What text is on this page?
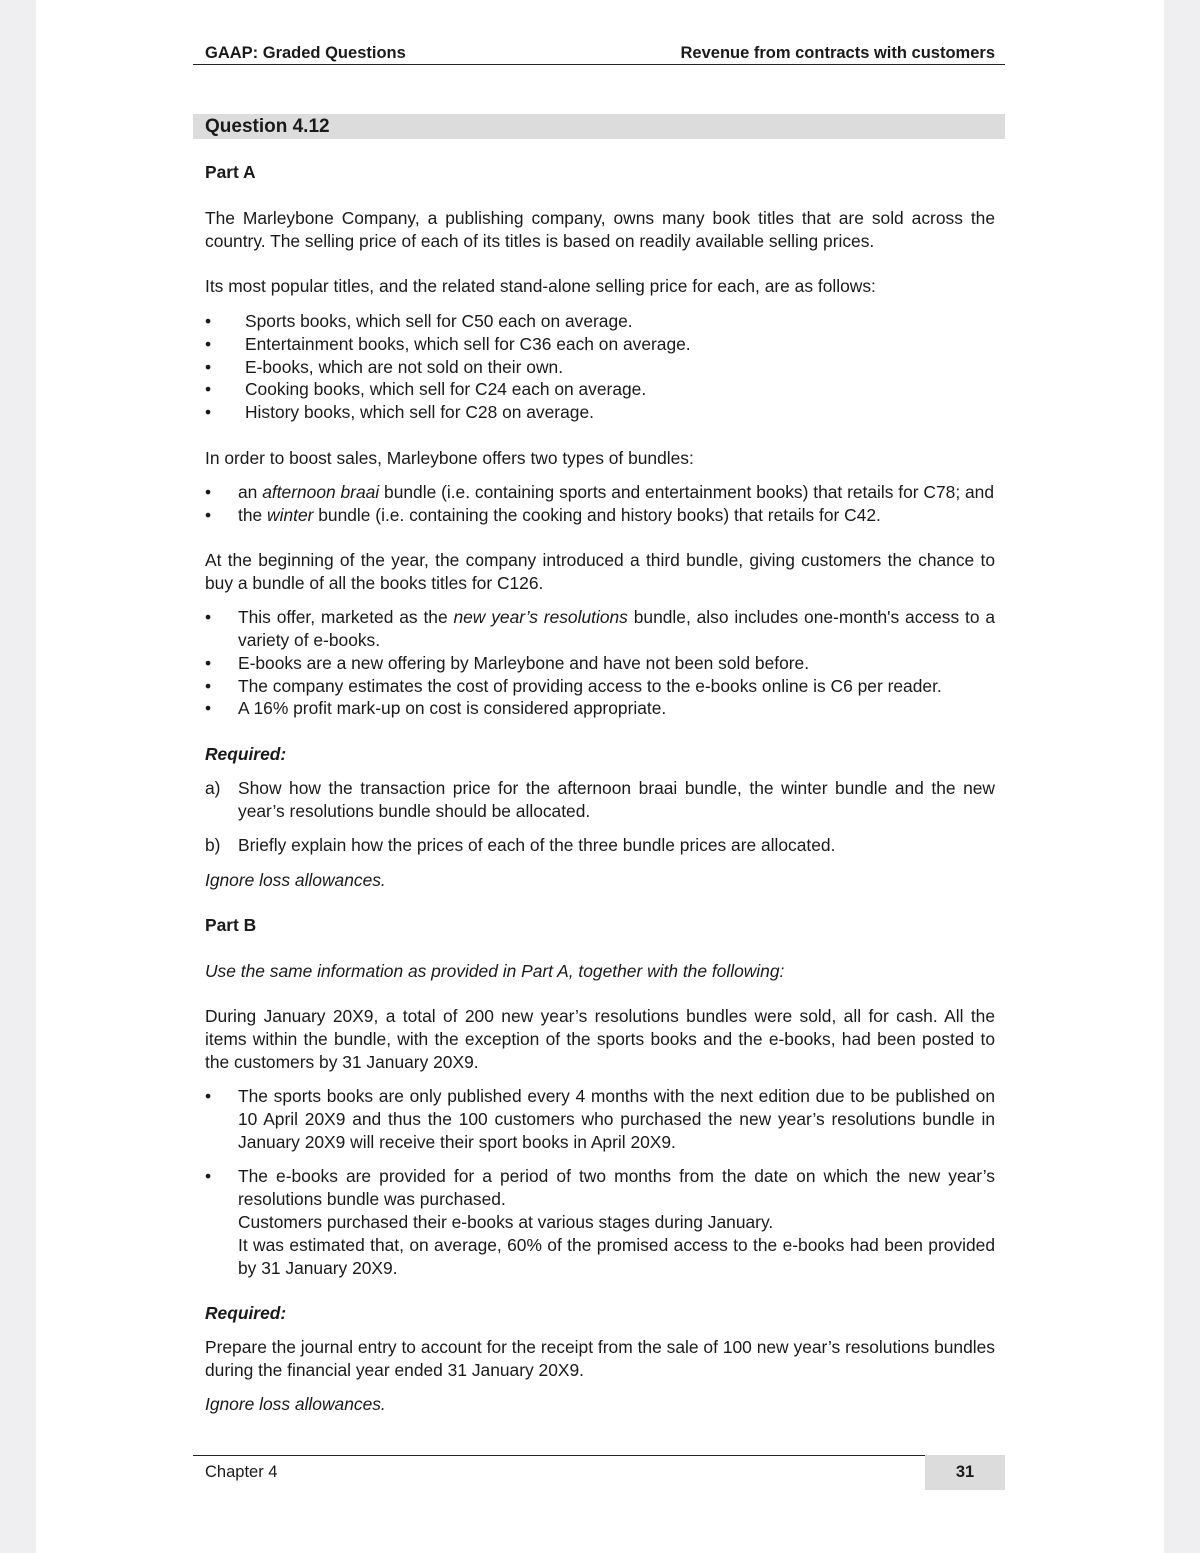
GAAP: Graded Questions	Revenue from contracts with customers
Question 4.12
Part A
The Marleybone Company, a publishing company, owns many book titles that are sold across the country. The selling price of each of its titles is based on readily available selling prices.
Its most popular titles, and the related stand-alone selling price for each, are as follows:
• Sports books, which sell for C50 each on average.
• Entertainment books, which sell for C36 each on average.
• E-books, which are not sold on their own.
• Cooking books, which sell for C24 each on average.
• History books, which sell for C28 on average.
In order to boost sales, Marleybone offers two types of bundles:
• an afternoon braai bundle (i.e. containing sports and entertainment books) that retails for C78; and
• the winter bundle (i.e. containing the cooking and history books) that retails for C42.
At the beginning of the year, the company introduced a third bundle, giving customers the chance to buy a bundle of all the books titles for C126.
• This offer, marketed as the new year’s resolutions bundle, also includes one-month's access to a variety of e-books.
• E-books are a new offering by Marleybone and have not been sold before.
• The company estimates the cost of providing access to the e-books online is C6 per reader.
• A 16% profit mark-up on cost is considered appropriate.
Required:
a) Show how the transaction price for the afternoon braai bundle, the winter bundle and the new year’s resolutions bundle should be allocated.
b) Briefly explain how the prices of each of the three bundle prices are allocated.
Ignore loss allowances.
Part B
Use the same information as provided in Part A, together with the following:
During January 20X9, a total of 200 new year’s resolutions bundles were sold, all for cash. All the items within the bundle, with the exception of the sports books and the e-books, had been posted to the customers by 31 January 20X9.
• The sports books are only published every 4 months with the next edition due to be published on 10 April 20X9 and thus the 100 customers who purchased the new year’s resolutions bundle in January 20X9 will receive their sport books in April 20X9.
• The e-books are provided for a period of two months from the date on which the new year’s resolutions bundle was purchased.
Customers purchased their e-books at various stages during January.
It was estimated that, on average, 60% of the promised access to the e-books had been provided by 31 January 20X9.
Required:
Prepare the journal entry to account for the receipt from the sale of 100 new year’s resolutions bundles during the financial year ended 31 January 20X9.
Ignore loss allowances.
Chapter 4	31
